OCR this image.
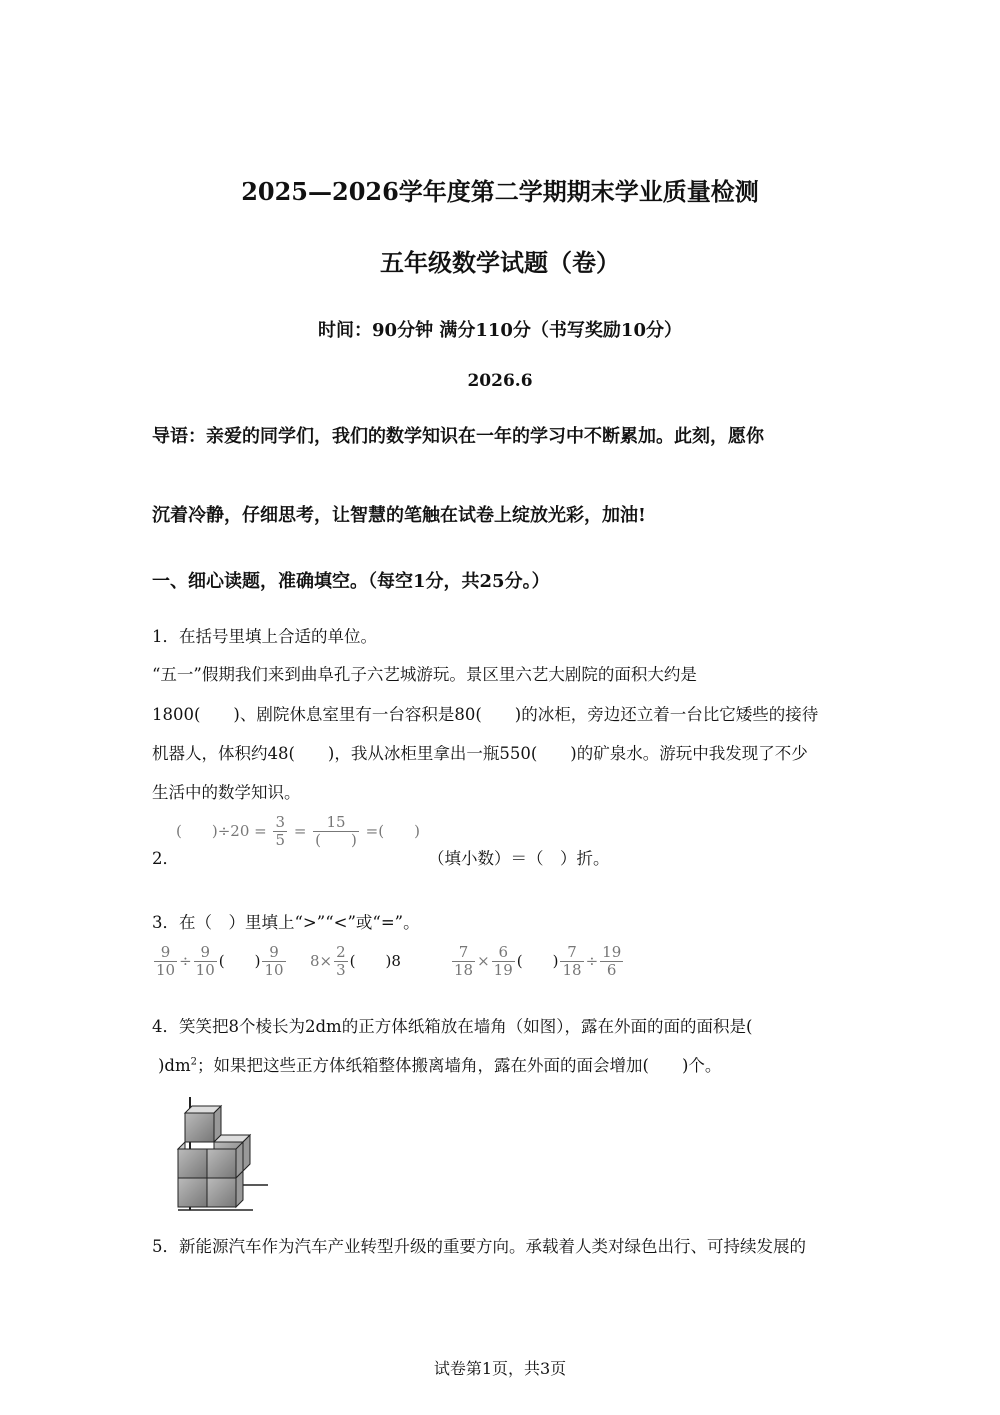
2025—2026学年度第二学期期末学业质量检测
五年级数学试题（卷）
时间：90分钟 满分110分（书写奖励10分）
2026.6
导语：亲爱的同学们，我们的数学知识在一年的学习中不断累加。此刻，愿你
沉着冷静，仔细思考，让智慧的笔触在试卷上绽放光彩，加油!
一、细心读题，准确填空。（每空1分，共25分。）
1．在括号里填上合适的单位。
“五一”假期我们来到曲阜孔子六艺城游玩。景区里六艺大剧院的面积大约是
1800(　　)、剧院休息室里有一台容积是80(　　)的冰柜，旁边还立着一台比它矮些的接待
机器人，体积约48(　　)，我从冰柜里拿出一瓶550(　　)的矿泉水。游玩中我发现了不少
生活中的数学知识。
2．
(　　)$\div 20 = \frac{3}{5} = \frac{15}{( )}$ =(　　)
（填小数）＝（　）折。
3．在（　）里填上“>”“<”或“=”。
$\frac{9}{10} \div \frac{9}{10}$ (　　) $\frac{9}{10} 8\times \frac{2}{3}$ (　　)8	$\frac{7}{18} \times \frac{6}{19}$ (　　) $\frac{7}{18} \div \frac{19}{6}$
4．笑笑把8个棱长为2dm的正方体纸箱放在墙角（如图），露在外面的面的面积是(
)$dm^2$；如果把这些正方体纸箱整体搬离墙角，露在外面的面会增加(　　)个。
5．新能源汽车作为汽车产业转型升级的重要方向。承载着人类对绿色出行、可持续发展的
试卷第1页，共3页
